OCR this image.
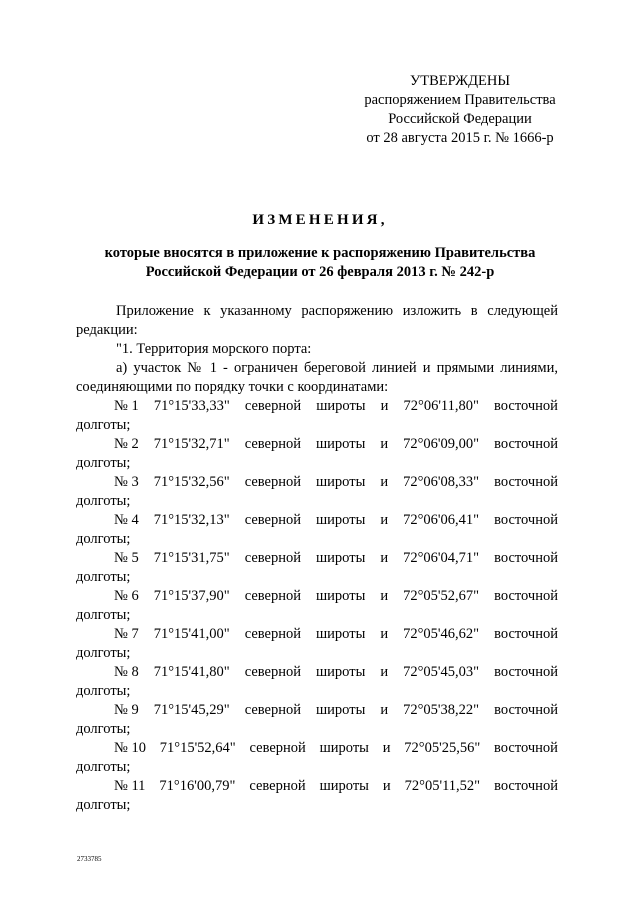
УТВЕРЖДЕНЫ
распоряжением Правительства
Российской Федерации
от 28 августа 2015 г. № 1666-р
ИЗМЕНЕНИЯ,
которые вносятся в приложение к распоряжению Правительства
Российской Федерации от 26 февраля 2013 г. № 242-р

Приложение к указанному распоряжению изложить в следующей редакции:

"1. Территория морского порта:

а) участок № 1 - ограничен береговой линией и прямыми линиями, соединяющими по порядку точки с координатами:

№ 1 71°15'33,33" северной широты и 72°06'11,80" восточной
долготы;
№ 2 71°15'32,71" северной широты и 72°06'09,00" восточной
долготы;
№ 3 71°15'32,56" северной широты и 72°06'08,33" восточной
долготы;
№ 4 71°15'32,13" северной широты и 72°06'06,41" восточной
долготы;
№ 5 71°15'31,75" северной широты и 72°06'04,71" восточной
долготы;
№ 6 71°15'37,90" северной широты и 72°05'52,67" восточной
долготы;
№ 7 71°15'41,00" северной широты и 72°05'46,62" восточной
долготы;
№ 8 71°15'41,80" северной широты и 72°05'45,03" восточной
долготы;
№ 9 71°15'45,29" северной широты и 72°05'38,22" восточной
долготы;
№ 10 71°15'52,64" северной широты и 72°05'25,56" восточной
долготы;
№ 11 71°16'00,79" северной широты и 72°05'11,52" восточной
долготы;
2733785
